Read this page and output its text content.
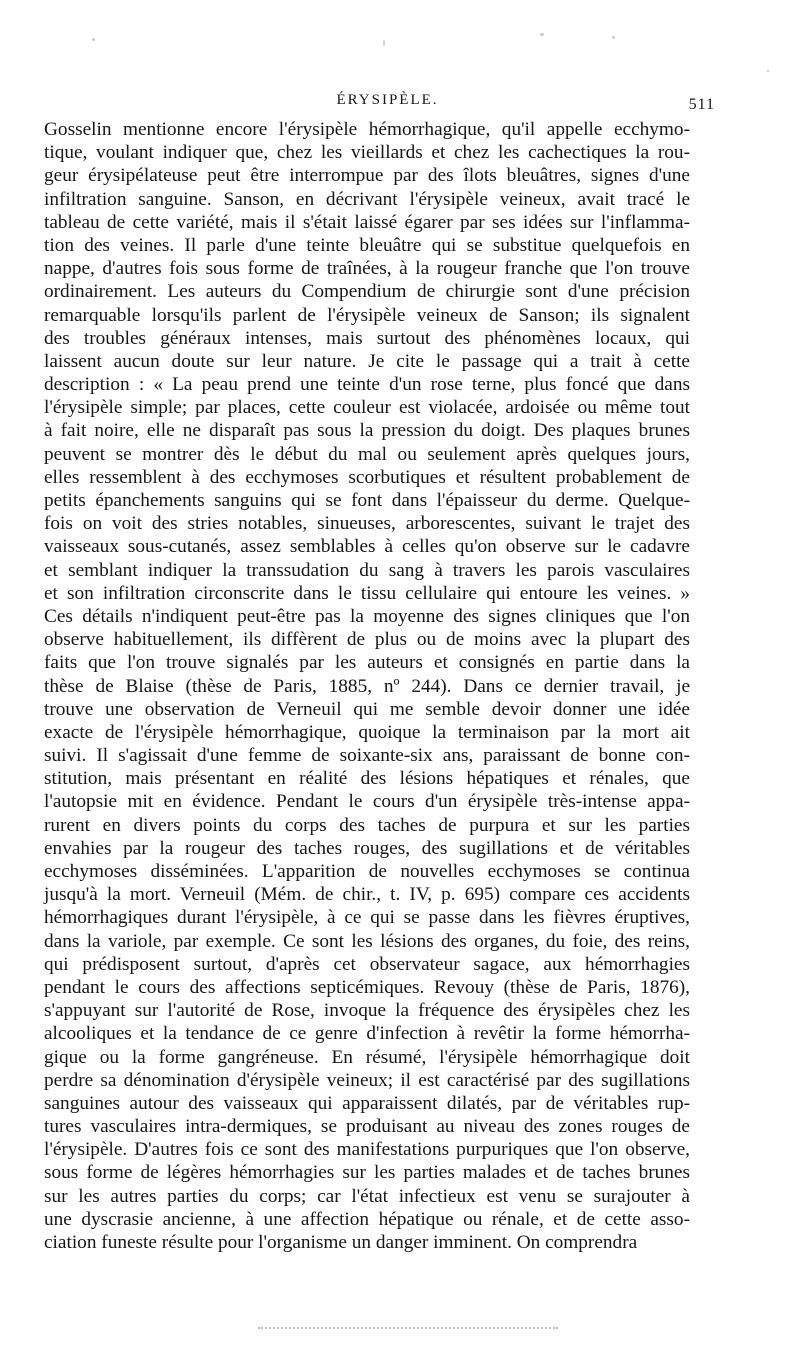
ÉRYSIPÈLE.	511
Gosselin mentionne encore l'érysipèle hémorrhagique, qu'il appelle ecchymo-
tique, voulant indiquer que, chez les vieillards et chez les cachectiques la rou-
geur érysipélateuse peut être interrompue par des îlots bleuâtres, signes d'une
infiltration sanguine. Sanson, en décrivant l'érysipèle veineux, avait tracé le
tableau de cette variété, mais il s'était laissé égarer par ses idées sur l'inflamma-
tion des veines. Il parle d'une teinte bleuâtre qui se substitue quelquefois en
nappe, d'autres fois sous forme de traînées, à la rougeur franche que l'on trouve
ordinairement. Les auteurs du Compendium de chirurgie sont d'une précision
remarquable lorsqu'ils parlent de l'érysipèle veineux de Sanson; ils signalent
des troubles généraux intenses, mais surtout des phénomènes locaux, qui
laissent aucun doute sur leur nature. Je cite le passage qui a trait à cette
description : « La peau prend une teinte d'un rose terne, plus foncé que dans
l'érysipèle simple; par places, cette couleur est violacée, ardoisée ou même tout
à fait noire, elle ne disparaît pas sous la pression du doigt. Des plaques brunes
peuvent se montrer dès le début du mal ou seulement après quelques jours,
elles ressemblent à des ecchymoses scorbutiques et résultent probablement de
petits épanchements sanguins qui se font dans l'épaisseur du derme. Quelque-
fois on voit des stries notables, sinueuses, arborescentes, suivant le trajet des
vaisseaux sous-cutanés, assez semblables à celles qu'on observe sur le cadavre
et semblant indiquer la transsudation du sang à travers les parois vasculaires
et son infiltration circonscrite dans le tissu cellulaire qui entoure les veines. »
Ces détails n'indiquent peut-être pas la moyenne des signes cliniques que l'on
observe habituellement, ils diffèrent de plus ou de moins avec la plupart des
faits que l'on trouve signalés par les auteurs et consignés en partie dans la
thèse de Blaise (thèse de Paris, 1885, nº 244). Dans ce dernier travail, je
trouve une observation de Verneuil qui me semble devoir donner une idée
exacte de l'érysipèle hémorrhagique, quoique la terminaison par la mort ait
suivi. Il s'agissait d'une femme de soixante-six ans, paraissant de bonne con-
stitution, mais présentant en réalité des lésions hépatiques et rénales, que
l'autopsie mit en évidence. Pendant le cours d'un érysipèle très-intense appa-
rurent en divers points du corps des taches de purpura et sur les parties
envahies par la rougeur des taches rouges, des sugillations et de véritables
ecchymoses disséminées. L'apparition de nouvelles ecchymoses se continua
jusqu'à la mort. Verneuil (Mém. de chir., t. IV, p. 695) compare ces accidents
hémorrhagiques durant l'érysipèle, à ce qui se passe dans les fièvres éruptives,
dans la variole, par exemple. Ce sont les lésions des organes, du foie, des reins,
qui prédisposent surtout, d'après cet observateur sagace, aux hémorrhagies
pendant le cours des affections septicémiques. Revouy (thèse de Paris, 1876),
s'appuyant sur l'autorité de Rose, invoque la fréquence des érysipèles chez les
alcooliques et la tendance de ce genre d'infection à revêtir la forme hémorrha-
gique ou la forme gangréneuse. En résumé, l'érysipèle hémorrhagique doit
perdre sa dénomination d'érysipèle veineux; il est caractérisé par des sugillations
sanguines autour des vaisseaux qui apparaissent dilatés, par de véritables rup-
tures vasculaires intra-dermiques, se produisant au niveau des zones rouges de
l'érysipèle. D'autres fois ce sont des manifestations purpuriques que l'on observe,
sous forme de légères hémorrhagies sur les parties malades et de taches brunes
sur les autres parties du corps; car l'état infectieux est venu se surajouter à
une dyscrasie ancienne, à une affection hépatique ou rénale, et de cette asso-
ciation funeste résulte pour l'organisme un danger imminent. On comprendra
